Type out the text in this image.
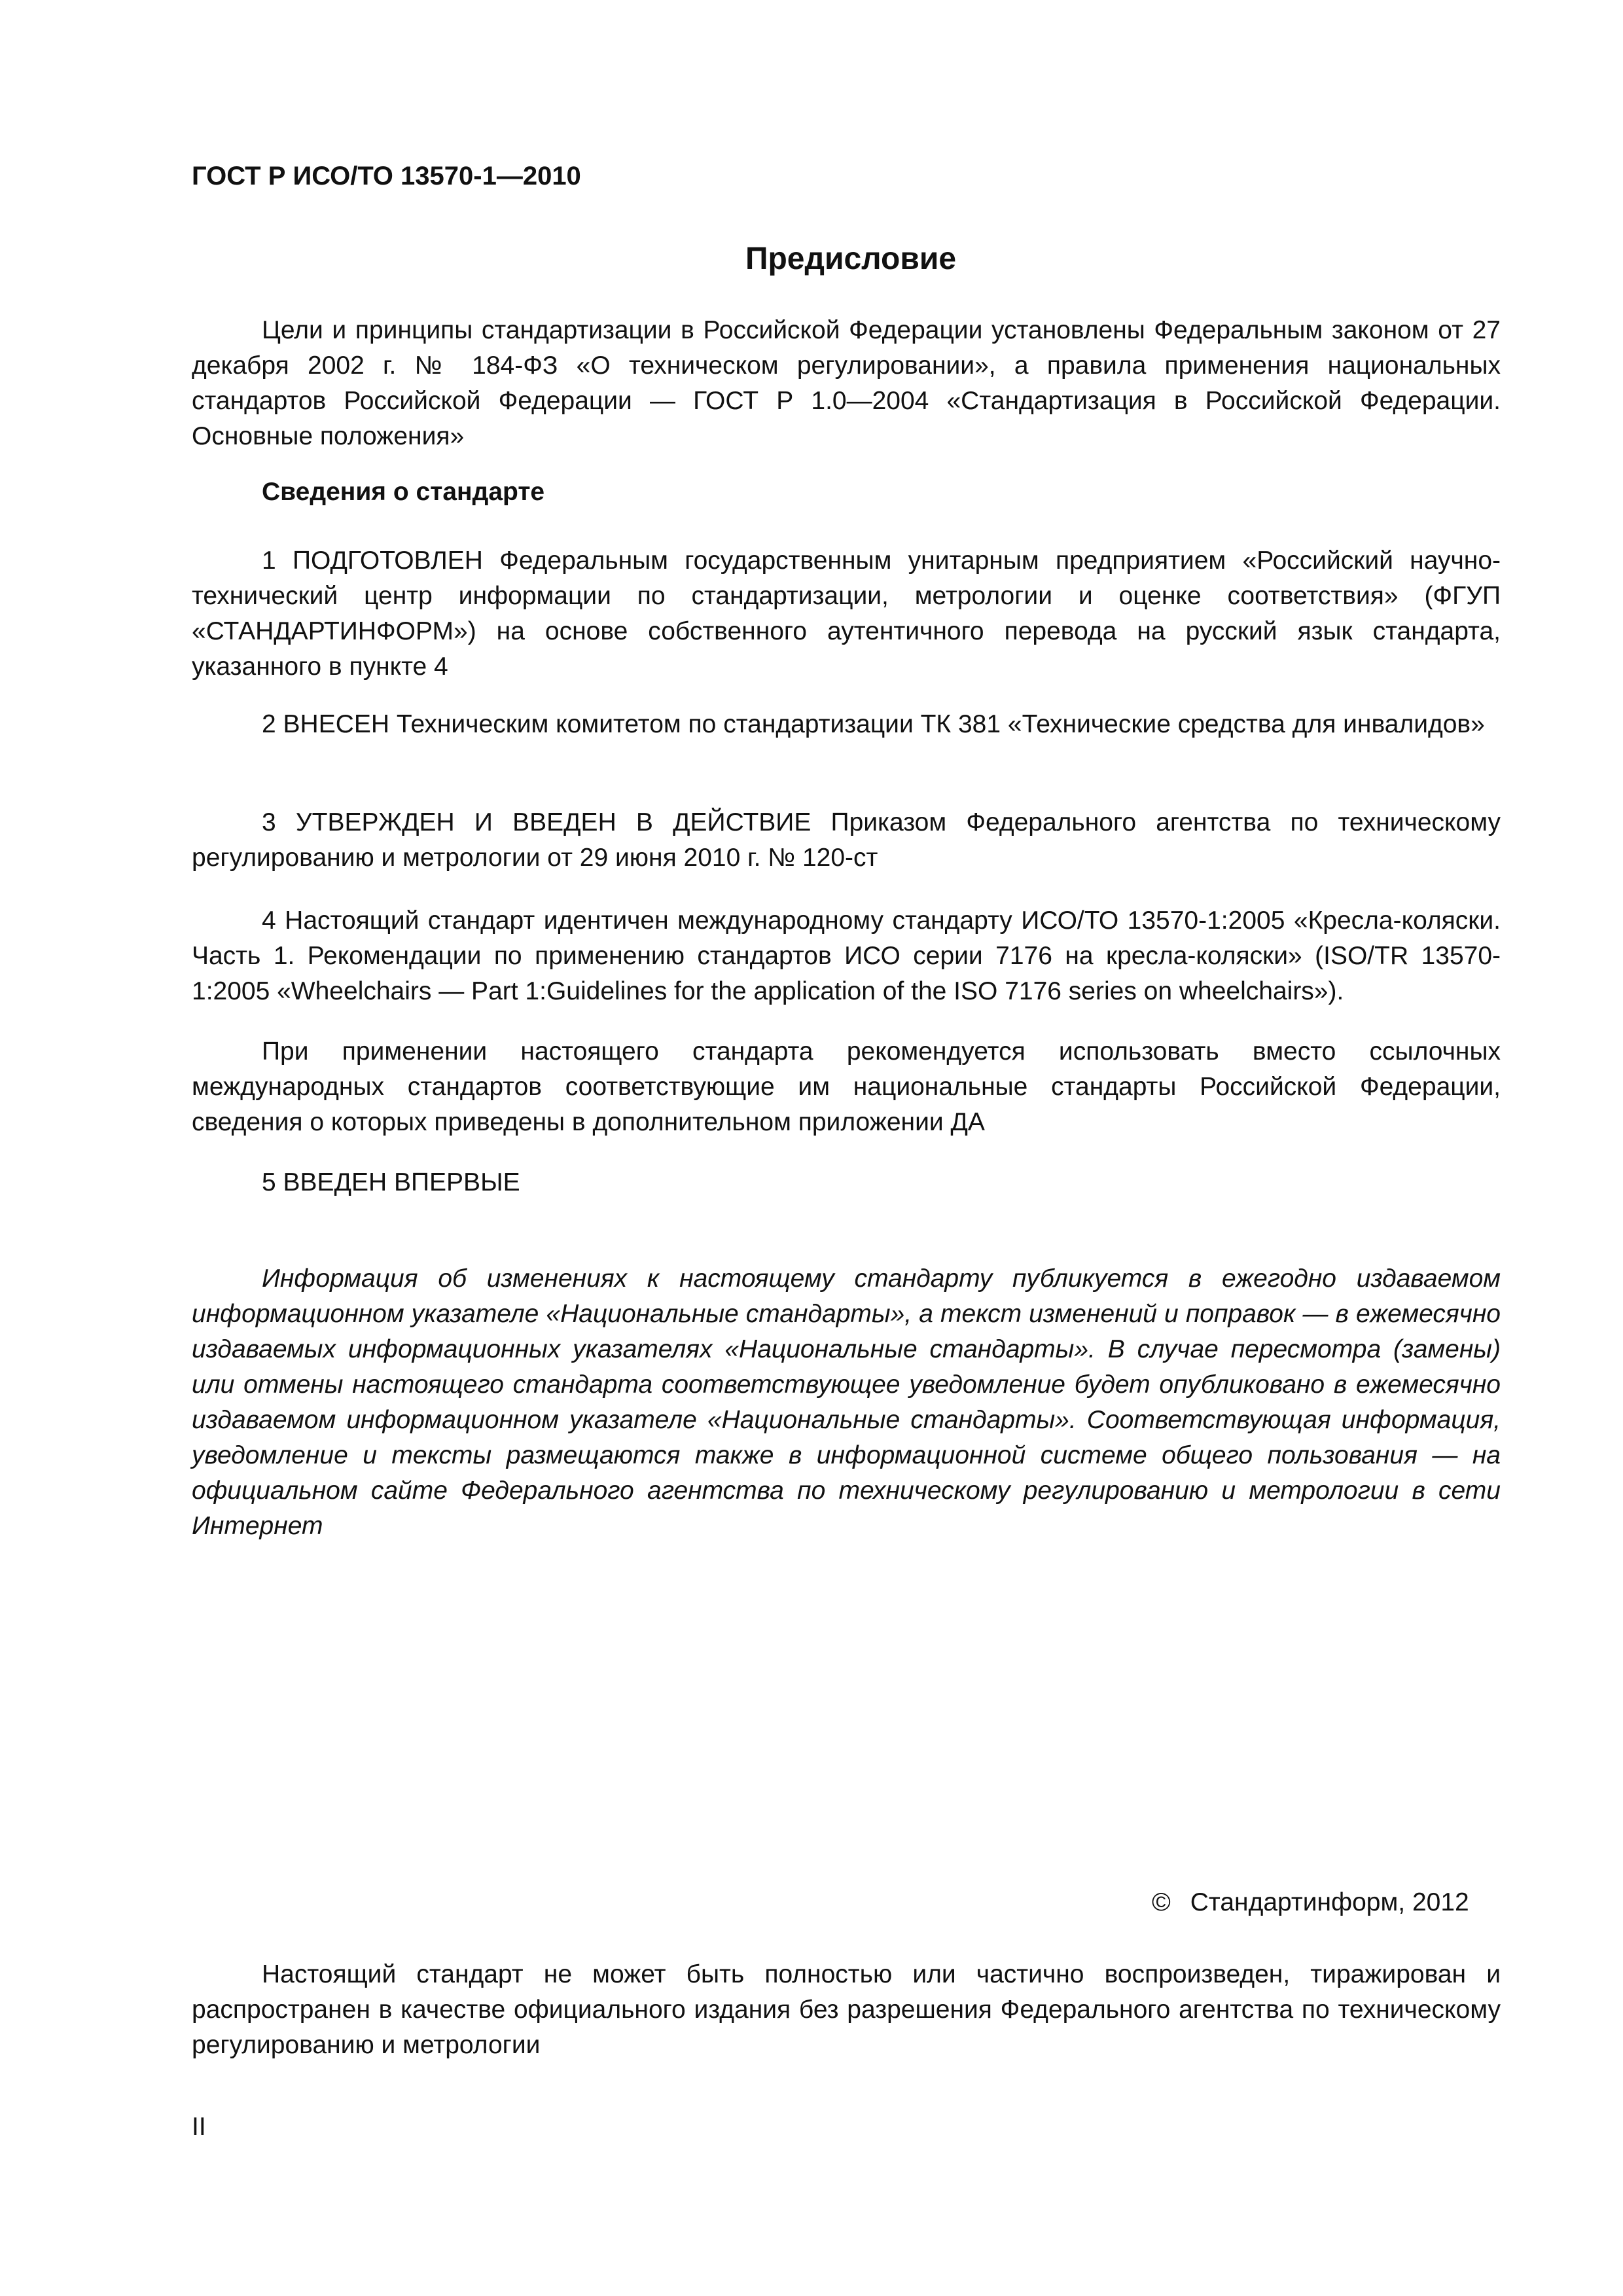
ГОСТ Р ИСО/ТО 13570-1—2010
Предисловие

Цели и принципы стандартизации в Российской Федерации установлены Федеральным законом от 27 декабря 2002 г. № 184-ФЗ «О техническом регулировании», а правила применения национальных стандартов Российской Федерации — ГОСТ Р 1.0—2004 «Стандартизация в Российской Федерации. Основные положения»

Сведения о стандарте

1 ПОДГОТОВЛЕН Федеральным государственным унитарным предприятием «Российский научно-технический центр информации по стандартизации, метрологии и оценке соответствия» (ФГУП «СТАНДАРТИНФОРМ») на основе собственного аутентичного перевода на русский язык стандарта, указанного в пункте 4

2 ВНЕСЕН Техническим комитетом по стандартизации ТК 381 «Технические средства для инвалидов»

3 УТВЕРЖДЕН И ВВЕДЕН В ДЕЙСТВИЕ Приказом Федерального агентства по техническому регулированию и метрологии от 29 июня 2010 г. № 120-ст

4 Настоящий стандарт идентичен международному стандарту ИСО/ТО 13570-1:2005 «Кресла-коляски. Часть 1. Рекомендации по применению стандартов ИСО серии 7176 на кресла-коляски» (ISO/TR 13570-1:2005 «Wheelchairs — Part 1:Guidelines for the application of the ISO 7176 series on wheelchairs»).

При применении настоящего стандарта рекомендуется использовать вместо ссылочных международных стандартов соответствующие им национальные стандарты Российской Федерации, сведения о которых приведены в дополнительном приложении ДА

5 ВВЕДЕН ВПЕРВЫЕ

Информация об изменениях к настоящему стандарту публикуется в ежегодно издаваемом информационном указателе «Национальные стандарты», а текст изменений и поправок — в ежемесячно издаваемых информационных указателях «Национальные стандарты». В случае пересмотра (замены) или отмены настоящего стандарта соответствующее уведомление будет опубликовано в ежемесячно издаваемом информационном указателе «Национальные стандарты». Соответствующая информация, уведомление и тексты размещаются также в информационной системе общего пользования — на официальном сайте Федерального агентства по техническому регулированию и метрологии в сети Интернет

© Стандартинформ, 2012

Настоящий стандарт не может быть полностью или частично воспроизведен, тиражирован и распространен в качестве официального издания без разрешения Федерального агентства по техническому регулированию и метрологии

II
